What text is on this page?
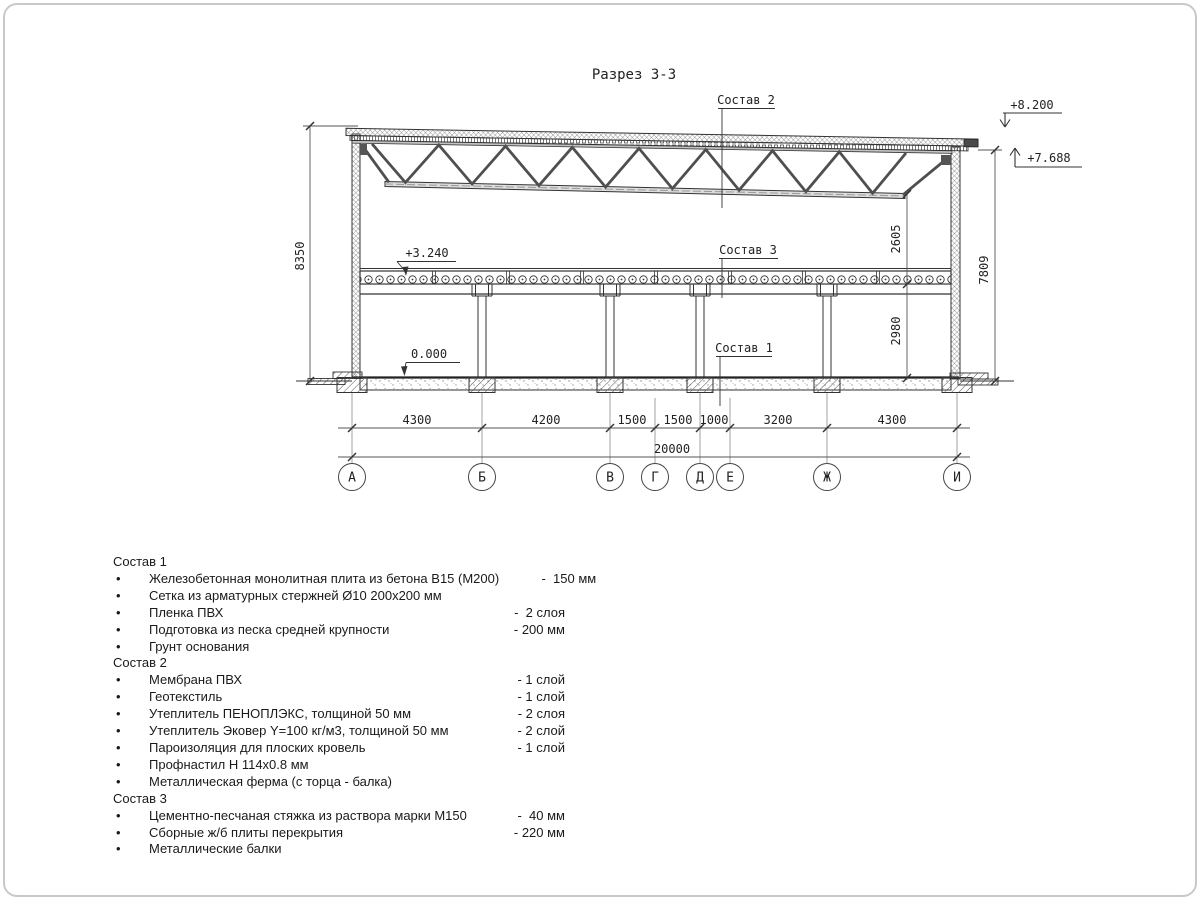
Разрез 3-3
Состав 2
Состав 3
Состав 1
+8.200
+7.688
+3.240
0.000
8350
2605
2980
7809
4300	4200	1500 1500 1000	3200	4300
20000
А	Б	В	Г	Д Е	Ж	И
Состав 1
•	Железобетонная монолитная плита из бетона В15 (М200)	-  150 мм
•	Сетка из арматурных стержней Ø10 200х200 мм
•	Пленка ПВХ	-  2 слоя
•	Подготовка из песка средней крупности	- 200 мм
•	Грунт основания
Состав 2
•	Мембрана ПВХ	- 1 слой
•	Геотекстиль	- 1 слой
•	Утеплитель ПЕНОПЛЭКС, толщиной 50 мм	- 2 слоя
•	Утеплитель Эковер Y=100 кг/м3, толщиной 50 мм	- 2 слой
•	Пароизоляция для плоских кровель	- 1 слой
•	Профнастил Н 114х0.8 мм
•	Металлическая ферма (с торца - балка)
Состав 3
•	Цементно-песчаная стяжка из раствора марки М150	-  40 мм
•	Сборные ж/б плиты перекрытия	- 220 мм
•	Металлические балки
